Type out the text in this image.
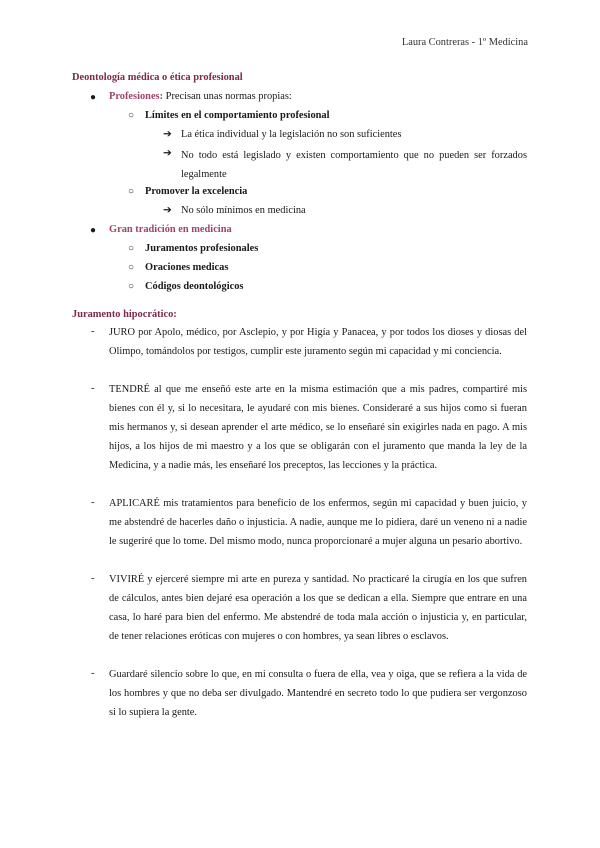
Laura Contreras - 1º Medicina
Deontología médica o ética profesional
● Profesiones: Precisan unas normas propias:
○ Límites en el comportamiento profesional
➔ La ética individual y la legislación no son suficientes
➔ No todo está legislado y existen comportamiento que no pueden ser forzados legalmente
○ Promover la excelencia
➔ No sólo mínimos en medicina
● Gran tradición en medicina
○ Juramentos profesionales
○ Oraciones medicas
○ Códigos deontológicos
Juramento hipocrático:
- JURO por Apolo, médico, por Asclepio, y por Higía y Panacea, y por todos los dioses y diosas del Olimpo, tomándolos por testigos, cumplir este juramento según mi capacidad y mi conciencia.

- TENDRÉ al que me enseñó este arte en la misma estimación que a mis padres, compartiré mis bienes con él y, si lo necesitara, le ayudaré con mis bienes. Consideraré a sus hijos como si fueran mis hermanos y, si desean aprender el arte médico, se lo enseñaré sin exigirles nada en pago. A mis hijos, a los hijos de mi maestro y a los que se obligarán con el juramento que manda la ley de la Medicina, y a nadie más, les enseñaré los preceptos, las lecciones y la práctica.

- APLICARÉ mis tratamientos para beneficio de los enfermos, según mi capacidad y buen juicio, y me abstendré de hacerles daño o injusticia. A nadie, aunque me lo pidiera, daré un veneno ni a nadie le sugeriré que lo tome. Del mismo modo, nunca proporcionaré a mujer alguna un pesario abortivo.

- VIVIRÉ y ejerceré siempre mi arte en pureza y santidad. No practicaré la cirugía en los que sufren de cálculos, antes bien dejaré esa operación a los que se dedican a ella. Siempre que entrare en una casa, lo haré para bien del enfermo. Me abstendré de toda mala acción o injusticia y, en particular, de tener relaciones eróticas con mujeres o con hombres, ya sean libres o esclavos.

- Guardaré silencio sobre lo que, en mi consulta o fuera de ella, vea y oiga, que se refiera a la vida de los hombres y que no deba ser divulgado. Mantendré en secreto todo lo que pudiera ser vergonzoso si lo supiera la gente.
